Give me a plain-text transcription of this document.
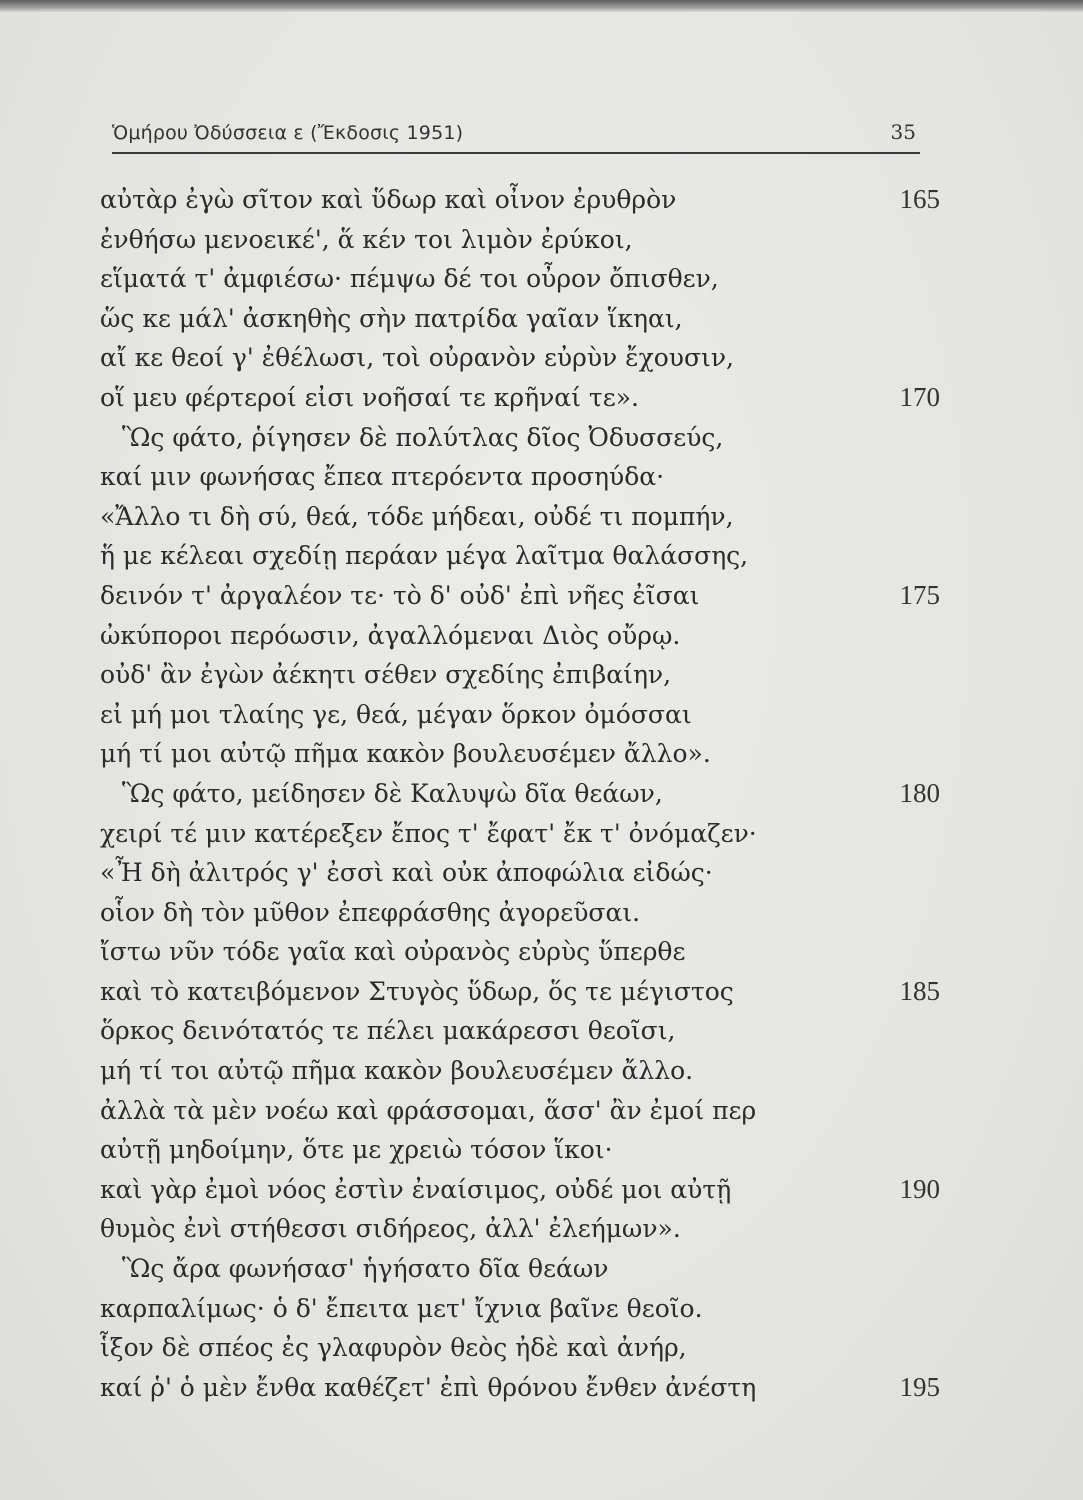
Ὁμήρου Ὀδύσσεια ε (Ἔκδοσις 1951)	35
αὐτὰρ ἐγὼ σῖτον καὶ ὕδωρ καὶ οἶνον ἐρυθρὸν	165
ἐνθήσω μενοεικέ', ἅ κέν τοι λιμὸν ἐρύκοι,
εἵματά τ' ἀμφιέσω· πέμψω δέ τοι οὖρον ὄπισθεν,
ὥς κε μάλ' ἀσκηθὴς σὴν πατρίδα γαῖαν ἵκηαι,
αἴ κε θεοί γ' ἐθέλωσι, τοὶ οὐρανὸν εὐρὺν ἔχουσιν,
οἵ μευ φέρτεροί εἰσι νοῆσαί τε κρῆναί τε».	170
Ὣς φάτο, ῥίγησεν δὲ πολύτλας δῖος Ὀδυσσεύς,
καί μιν φωνήσας ἔπεα πτερόεντα προσηύδα·
«Ἄλλο τι δὴ σύ, θεά, τόδε μήδεαι, οὐδέ τι πομπήν,
ἥ με κέλεαι σχεδίῃ περάαν μέγα λαῖτμα θαλάσσης,
δεινόν τ' ἀργαλέον τε· τὸ δ' οὐδ' ἐπὶ νῆες ἐῖσαι	175
ὠκύποροι περόωσιν, ἀγαλλόμεναι Διὸς οὔρῳ.
οὐδ' ἂν ἐγὼν ἀέκητι σέθεν σχεδίης ἐπιβαίην,
εἰ μή μοι τλαίης γε, θεά, μέγαν ὅρκον ὀμόσσαι
μή τί μοι αὐτῷ πῆμα κακὸν βουλευσέμεν ἄλλο».
Ὣς φάτο, μείδησεν δὲ Καλυψὼ δῖα θεάων,	180
χειρί τέ μιν κατέρεξεν ἔπος τ' ἔφατ' ἔκ τ' ὀνόμαζεν·
«Ἦ δὴ ἀλιτρός γ' ἐσσὶ καὶ οὐκ ἀποφώλια εἰδώς·
οἷον δὴ τὸν μῦθον ἐπεφράσθης ἀγορεῦσαι.
ἴστω νῦν τόδε γαῖα καὶ οὐρανὸς εὐρὺς ὕπερθε
καὶ τὸ κατειβόμενον Στυγὸς ὕδωρ, ὅς τε μέγιστος	185
ὅρκος δεινότατός τε πέλει μακάρεσσι θεοῖσι,
μή τί τοι αὐτῷ πῆμα κακὸν βουλευσέμεν ἄλλο.
ἀλλὰ τὰ μὲν νοέω καὶ φράσσομαι, ἅσσ' ἂν ἐμοί περ
αὐτῇ μηδοίμην, ὅτε με χρειὼ τόσον ἵκοι·
καὶ γὰρ ἐμοὶ νόος ἐστὶν ἐναίσιμος, οὐδέ μοι αὐτῇ	190
θυμὸς ἐνὶ στήθεσσι σιδήρεος, ἀλλ' ἐλεήμων».
Ὣς ἄρα φωνήσασ' ἡγήσατο δῖα θεάων
καρπαλίμως· ὁ δ' ἔπειτα μετ' ἴχνια βαῖνε θεοῖο.
ἷξον δὲ σπέος ἐς γλαφυρὸν θεὸς ἠδὲ καὶ ἀνήρ,
καί ῥ' ὁ μὲν ἔνθα καθέζετ' ἐπὶ θρόνου ἔνθεν ἀνέστη	195
